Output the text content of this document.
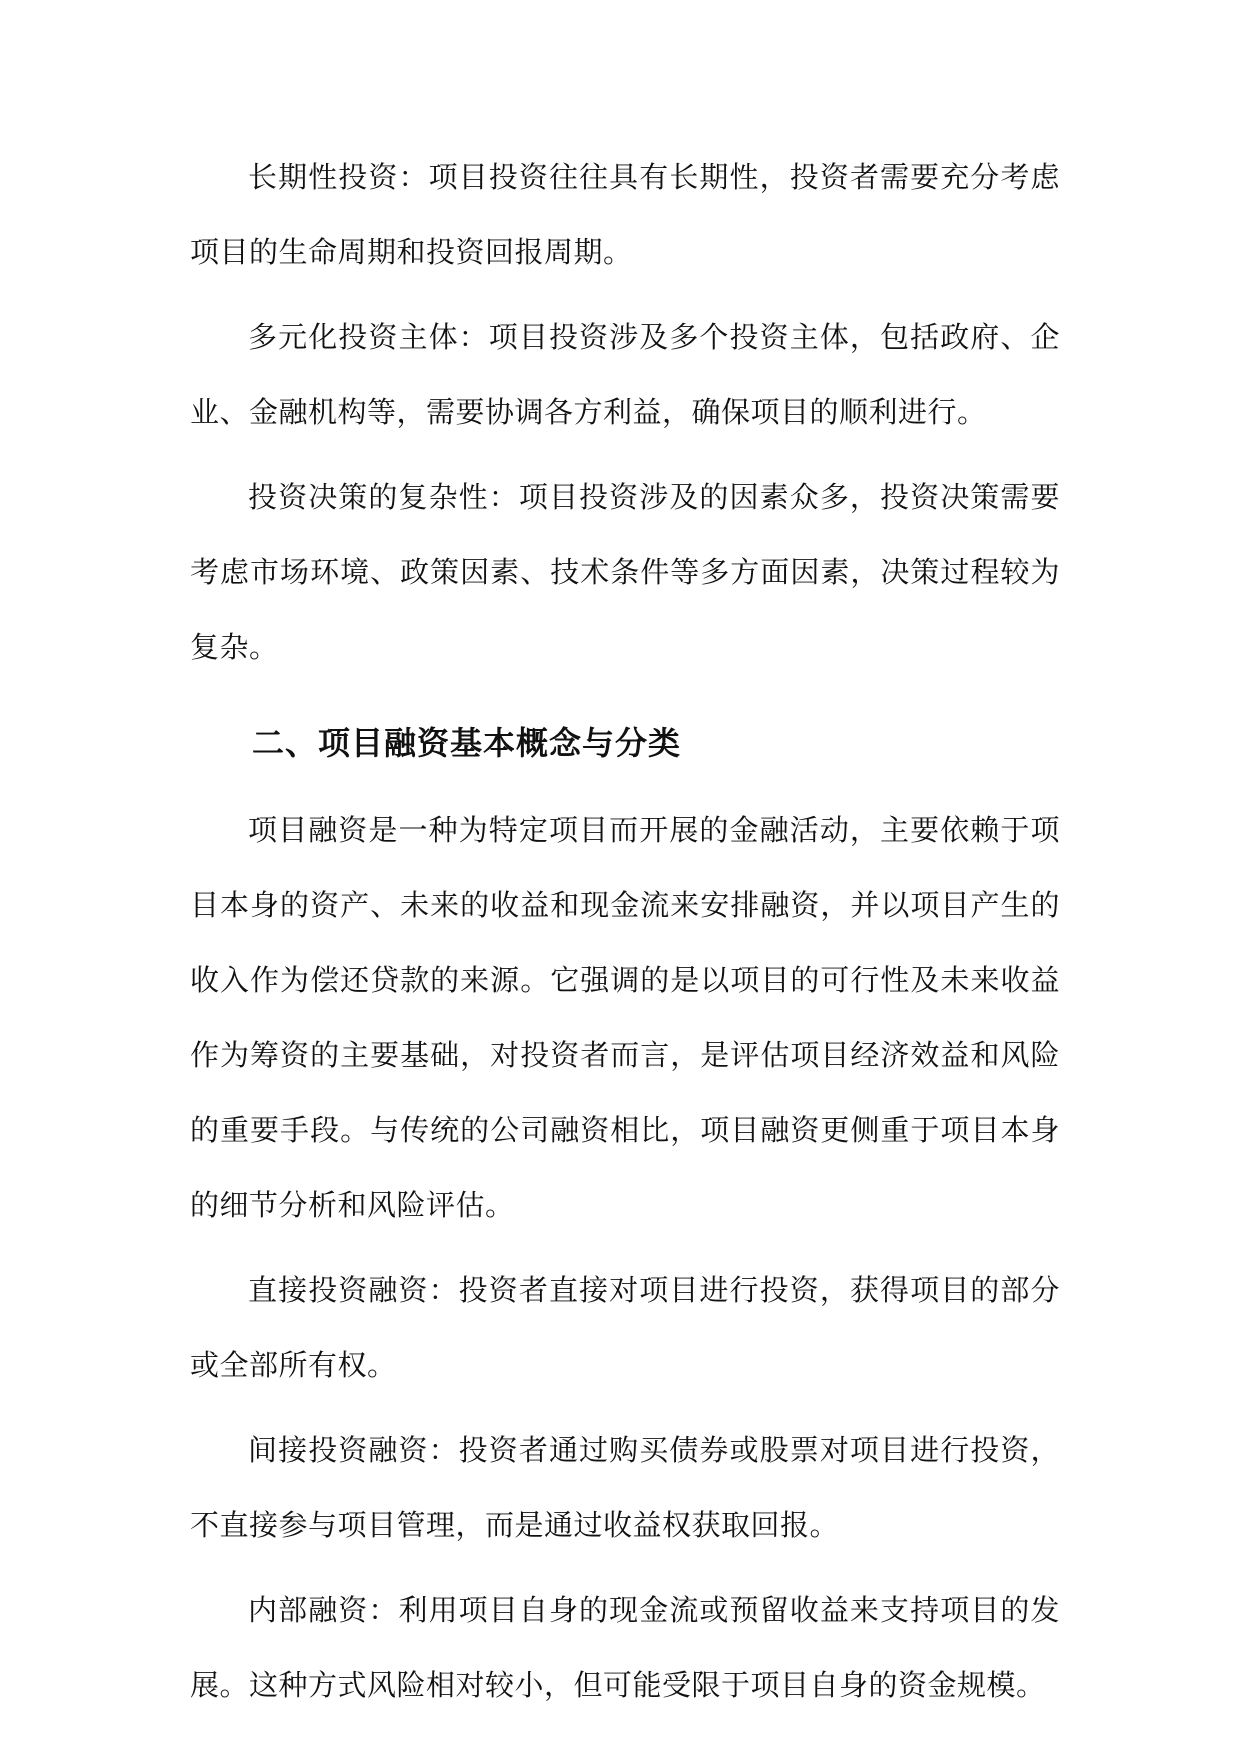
长期性投资：项目投资往往具有长期性，投资者需要充分考虑项目的生命周期和投资回报周期。

多元化投资主体：项目投资涉及多个投资主体，包括政府、企业、金融机构等，需要协调各方利益，确保项目的顺利进行。

投资决策的复杂性：项目投资涉及的因素众多，投资决策需要考虑市场环境、政策因素、技术条件等多方面因素，决策过程较为复杂。

二、项目融资基本概念与分类

项目融资是一种为特定项目而开展的金融活动，主要依赖于项目本身的资产、未来的收益和现金流来安排融资，并以项目产生的收入作为偿还贷款的来源。它强调的是以项目的可行性及未来收益作为筹资的主要基础，对投资者而言，是评估项目经济效益和风险的重要手段。与传统的公司融资相比，项目融资更侧重于项目本身的细节分析和风险评估。

直接投资融资：投资者直接对项目进行投资，获得项目的部分或全部所有权。

间接投资融资：投资者通过购买债券或股票对项目进行投资，不直接参与项目管理，而是通过收益权获取回报。

内部融资：利用项目自身的现金流或预留收益来支持项目的发展。这种方式风险相对较小，但可能受限于项目自身的资金规模。
